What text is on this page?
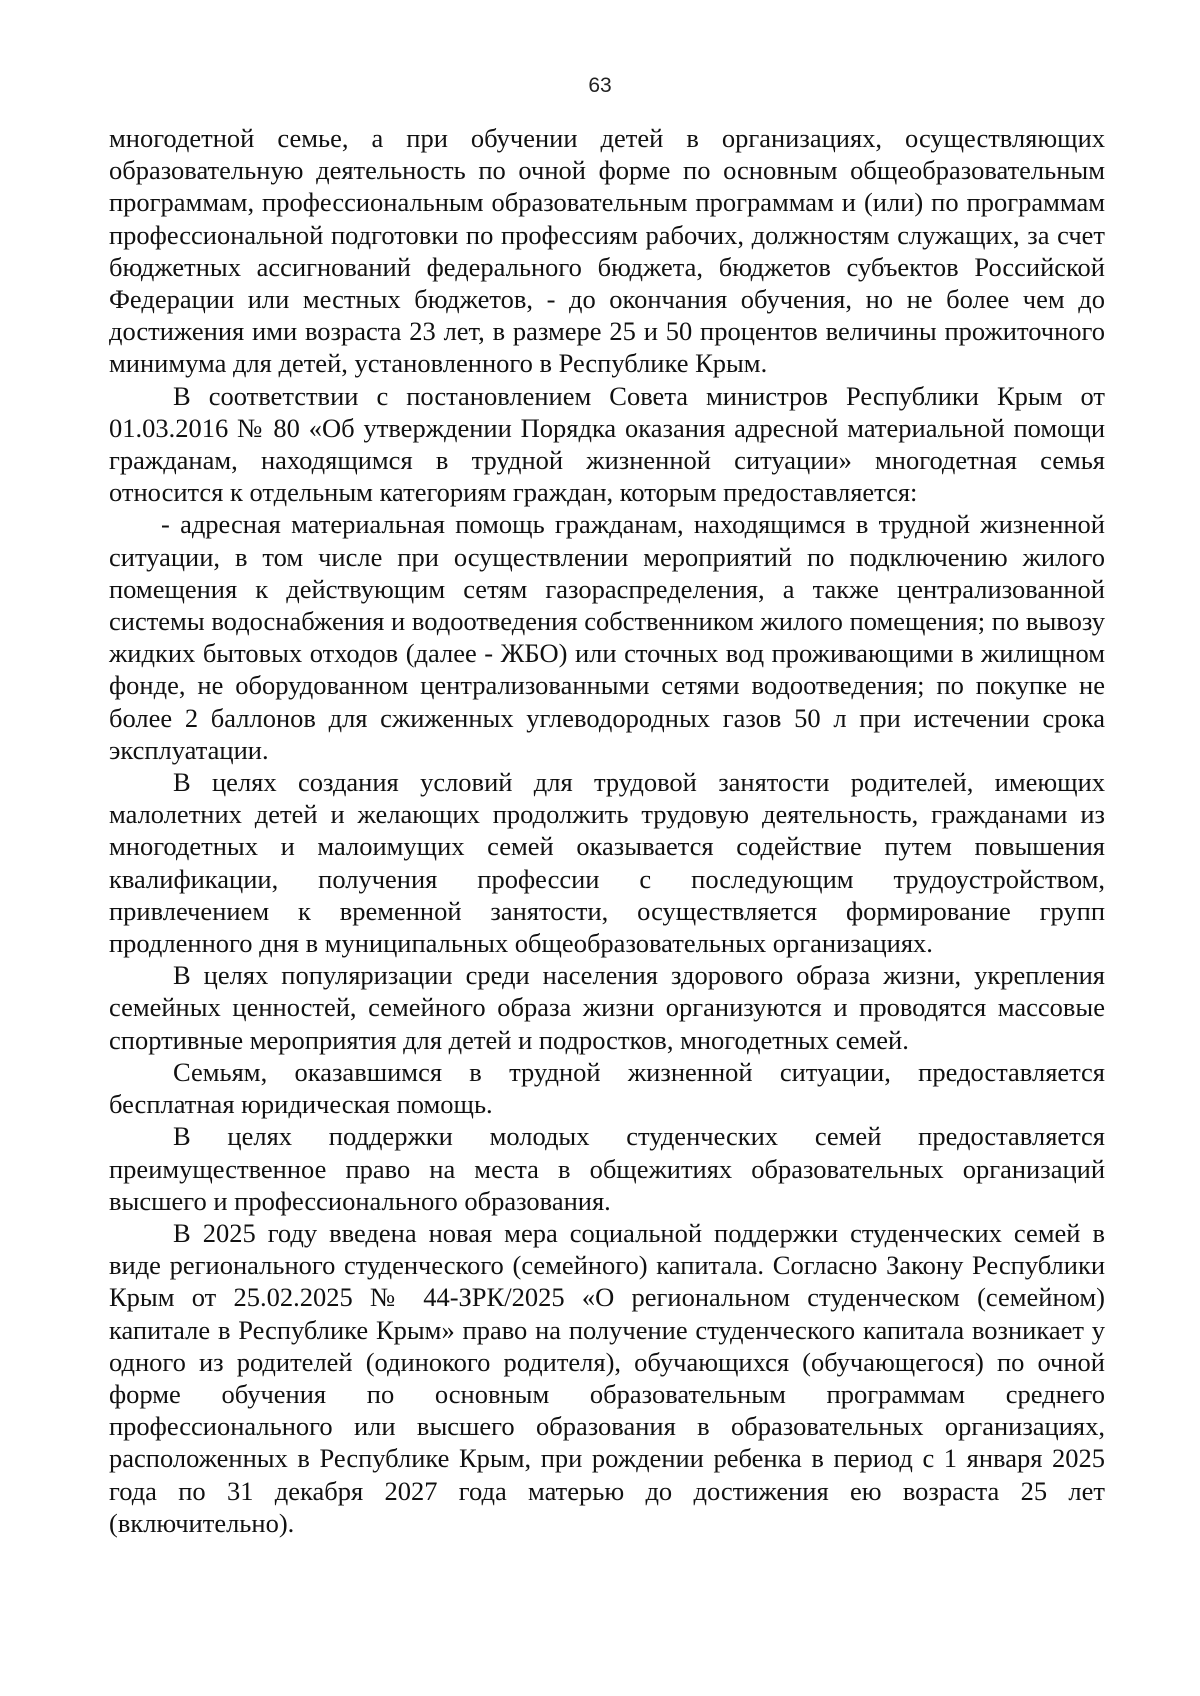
63

многодетной семье, а при обучении детей в организациях, осуществляющих образовательную деятельность по очной форме по основным общеобразовательным программам, профессиональным образовательным программам и (или) по программам профессиональной подготовки по профессиям рабочих, должностям служащих, за счет бюджетных ассигнований федерального бюджета, бюджетов субъектов Российской Федерации или местных бюджетов, - до окончания обучения, но не более чем до достижения ими возраста 23 лет, в размере 25 и 50 процентов величины прожиточного минимума для детей, установленного в Республике Крым.

В соответствии с постановлением Совета министров Республики Крым от 01.03.2016 № 80 «Об утверждении Порядка оказания адресной материальной помощи гражданам, находящимся в трудной жизненной ситуации» многодетная семья относится к отдельным категориям граждан, которым предоставляется:

- адресная материальная помощь гражданам, находящимся в трудной жизненной ситуации, в том числе при осуществлении мероприятий по подключению жилого помещения к действующим сетям газораспределения, а также централизованной системы водоснабжения и водоотведения собственником жилого помещения; по вывозу жидких бытовых отходов (далее - ЖБО) или сточных вод проживающими в жилищном фонде, не оборудованном централизованными сетями водоотведения; по покупке не более 2 баллонов для сжиженных углеводородных газов 50 л при истечении срока эксплуатации.

В целях создания условий для трудовой занятости родителей, имеющих малолетних детей и желающих продолжить трудовую деятельность, гражданами из многодетных и малоимущих семей оказывается содействие путем повышения квалификации, получения профессии с последующим трудоустройством, привлечением к временной занятости, осуществляется формирование групп продленного дня в муниципальных общеобразовательных организациях.

В целях популяризации среди населения здорового образа жизни, укрепления семейных ценностей, семейного образа жизни организуются и проводятся массовые спортивные мероприятия для детей и подростков, многодетных семей.

Семьям, оказавшимся в трудной жизненной ситуации, предоставляется бесплатная юридическая помощь.

В целях поддержки молодых студенческих семей предоставляется преимущественное право на места в общежитиях образовательных организаций высшего и профессионального образования.

В 2025 году введена новая мера социальной поддержки студенческих семей в виде регионального студенческого (семейного) капитала. Согласно Закону Республики Крым от 25.02.2025 № 44-ЗРК/2025 «О региональном студенческом (семейном) капитале в Республике Крым» право на получение студенческого капитала возникает у одного из родителей (одинокого родителя), обучающихся (обучающегося) по очной форме обучения по основным образовательным программам среднего профессионального или высшего образования в образовательных организациях, расположенных в Республике Крым, при рождении ребенка в период с 1 января 2025 года по 31 декабря 2027 года матерью до достижения ею возраста 25 лет (включительно).
